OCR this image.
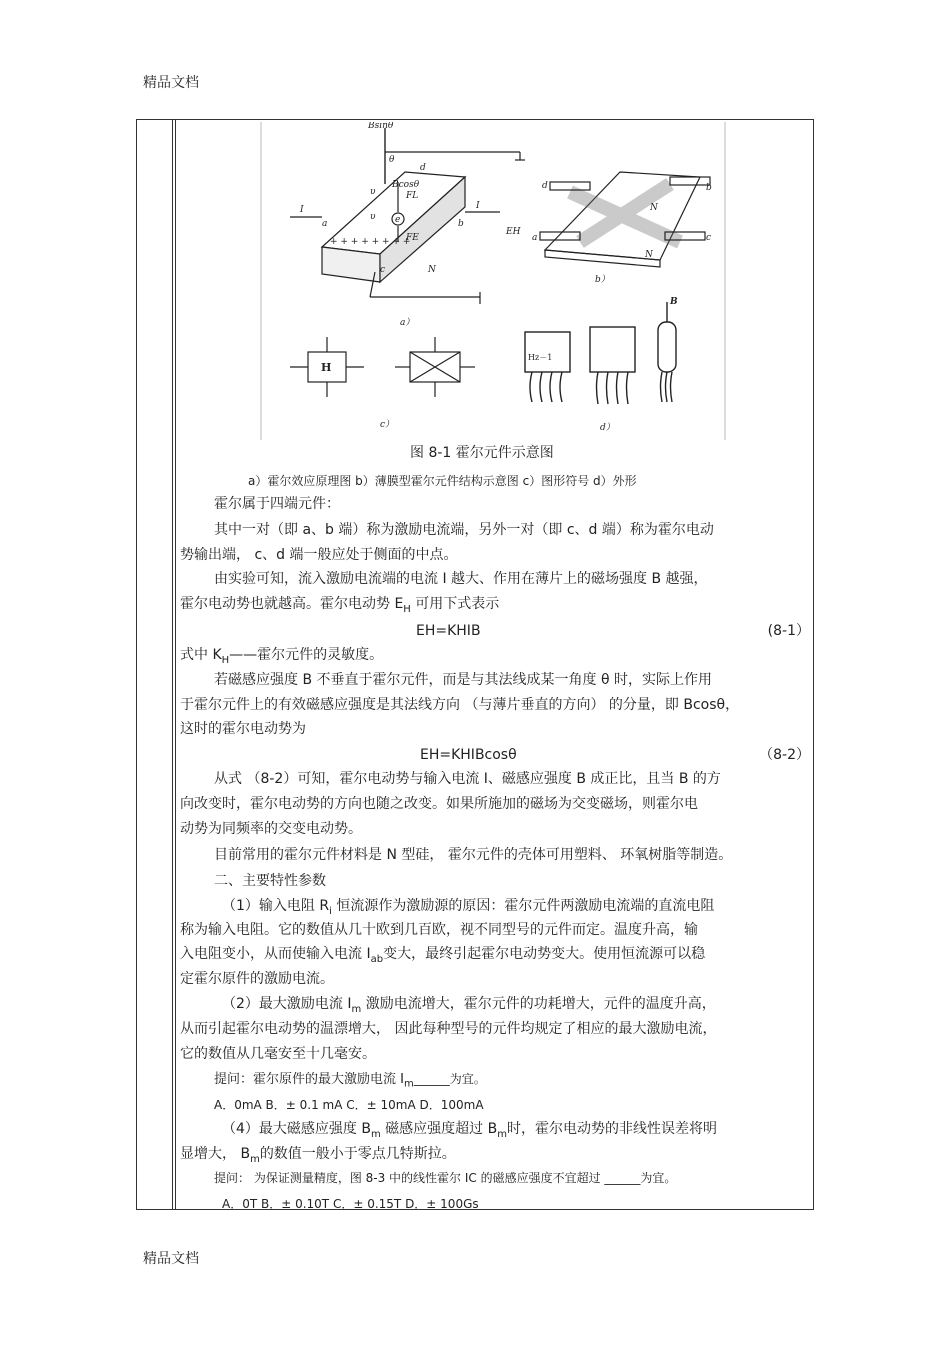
精品文档
精品文档
Bsinθ
θ
Bcosθ
FL
FE
I	I
a	b
c
d
υ
υ e
N
a）
+ + + + + + + +
d	b
a	c
EH
N
N
b）
H
c）
Hz－1
B
d）
图 8-1 霍尔元件示意图
a）霍尔效应原理图 b）薄膜型霍尔元件结构示意图 c）图形符号 d）外形
霍尔属于四端元件：
其中一对（即 a、b 端）称为激励电流端，另外一对（即 c、d 端）称为霍尔电动
势输出端， c、d 端一般应处于侧面的中点。
由实验可知，流入激励电流端的电流 I 越大、作用在薄片上的磁场强度 B 越强，
霍尔电动势也就越高。霍尔电动势 $E_H$ 可用下式表示
EH=KHIB	(8-1）
式中 $K_H——$霍尔元件的灵敏度。
若磁感应强度 B 不垂直于霍尔元件，而是与其法线成某一角度 θ 时，实际上作用
于霍尔元件上的有效磁感应强度是其法线方向 （与薄片垂直的方向） 的分量，即 Bcosθ，
这时的霍尔电动势为
EH=KHIBcosθ	（8-2）
从式 （8-2）可知，霍尔电动势与输入电流 I、磁感应强度 B 成正比，且当 B 的方
向改变时，霍尔电动势的方向也随之改变。如果所施加的磁场为交变磁场，则霍尔电
动势为同频率的交变电动势。
目前常用的霍尔元件材料是 N 型硅， 霍尔元件的壳体可用塑料、 环氧树脂等制造。
二、主要特性参数
（1）输入电阻 $R_i$ 恒流源作为激励源的原因：霍尔元件两激励电流端的直流电阻
称为输入电阻。它的数值从几十欧到几百欧，视不同型号的元件而定。温度升高，输
入电阻变小，从而使输入电流 $I_{ab}$变大，最终引起霍尔电动势变大。使用恒流源可以稳
定霍尔原件的激励电流。
（2）最大激励电流 $I_m$ 激励电流增大，霍尔元件的功耗增大，元件的温度升高，
从而引起霍尔电动势的温漂增大， 因此每种型号的元件均规定了相应的最大激励电流，
它的数值从几毫安至十几毫安。
提问：霍尔原件的最大激励电流 $I_m\_\_\_\_\_\_$为宜。
A．0mA B．± 0.1 mA C．± 10mA D．100mA
（4）最大磁感应强度 $B_m$ 磁感应强度超过 $B_m$时，霍尔电动势的非线性误差将明
显增大， $B_m$的数值一般小于零点几特斯拉。
提问： 为保证测量精度，图 8-3 中的线性霍尔 IC 的磁感应强度不宜超过 ______为宜。
A．0T B．± 0.10T C．± 0.15T D．± 100Gs
